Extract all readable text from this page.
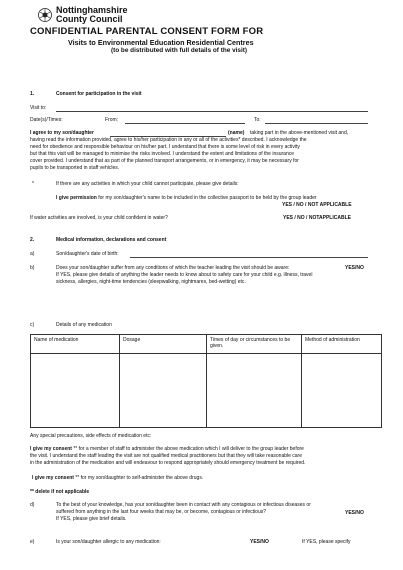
Nottinghamshire
County Council
CONFIDENTIAL PARENTAL CONSENT FORM FOR
Visits to Environmental Education Residential Centres
(to be distributed with full details of the visit)
1.	Consent for participation in the visit
Visit to:
Date(s)/Times:	From:	To:
I agree to my son/daughter	(name) taking part in the above-mentioned visit and,
having read the information provided, agree to his/her participation in any or all of the activities* described. I acknowledge the
need for obedience and responsible behaviour on his/her part. I understand that there is some level of risk in every activity
but that this visit will be managed to minimise the risks involved. I understand the extent and limitations of the insurance
cover provided. I understand that as part of the planned transport arrangements, or in emergency, it may be necessary for
pupils to be transported in staff vehicles.
*	If there are any activities in which your child cannot participate, please give details:
I give permission for my son/daughter's name to be included in the collective passport to be held by the group leader
YES / NO / NOT APPLICABLE
If water activities are involved, is your child confident in water?	YES / NO / NOTAPPLICABLE
2.	Medical information, declarations and consent
a)	Son/daughter's date of birth:
b)	Does your son/daughter suffer from any conditions of which the teacher leading the visit should be aware:	YES/NO
If YES, please give details of anything the leader needs to know about to safety care for your child e.g. illness, travel
sickness, allergies, night-time tendencies (sleepwalking, nightmares, bed-wetting) etc.
c)	Details of any medication
Name of medication	Dosage	Times of day or circumstances to be given.	Method of administration

Any special precautions, side effects of medication etc:
I give my consent ** for a member of staff to administer the above medication which I will deliver to the group leader before
the visit. I understand the staff leading the visit are not qualified medical practitioners but that they will take reasonable care
in the administration of the medication and will endeavour to respond appropriately should emergency treatment be required.
I give my consent ** for my son/daughter to self-administer the above drugs.
** delete if not applicable
d)	To the best of your knowledge, has your son/daughter been in contact with any contagious or infectious diseases or
suffered from anything in the last four weeks that may be, or become, contagious or infectious?	YES/NO
If YES, please give brief details.
e)	Is your son/daughter allergic to any medication:	YES/NO	If YES, please specify
